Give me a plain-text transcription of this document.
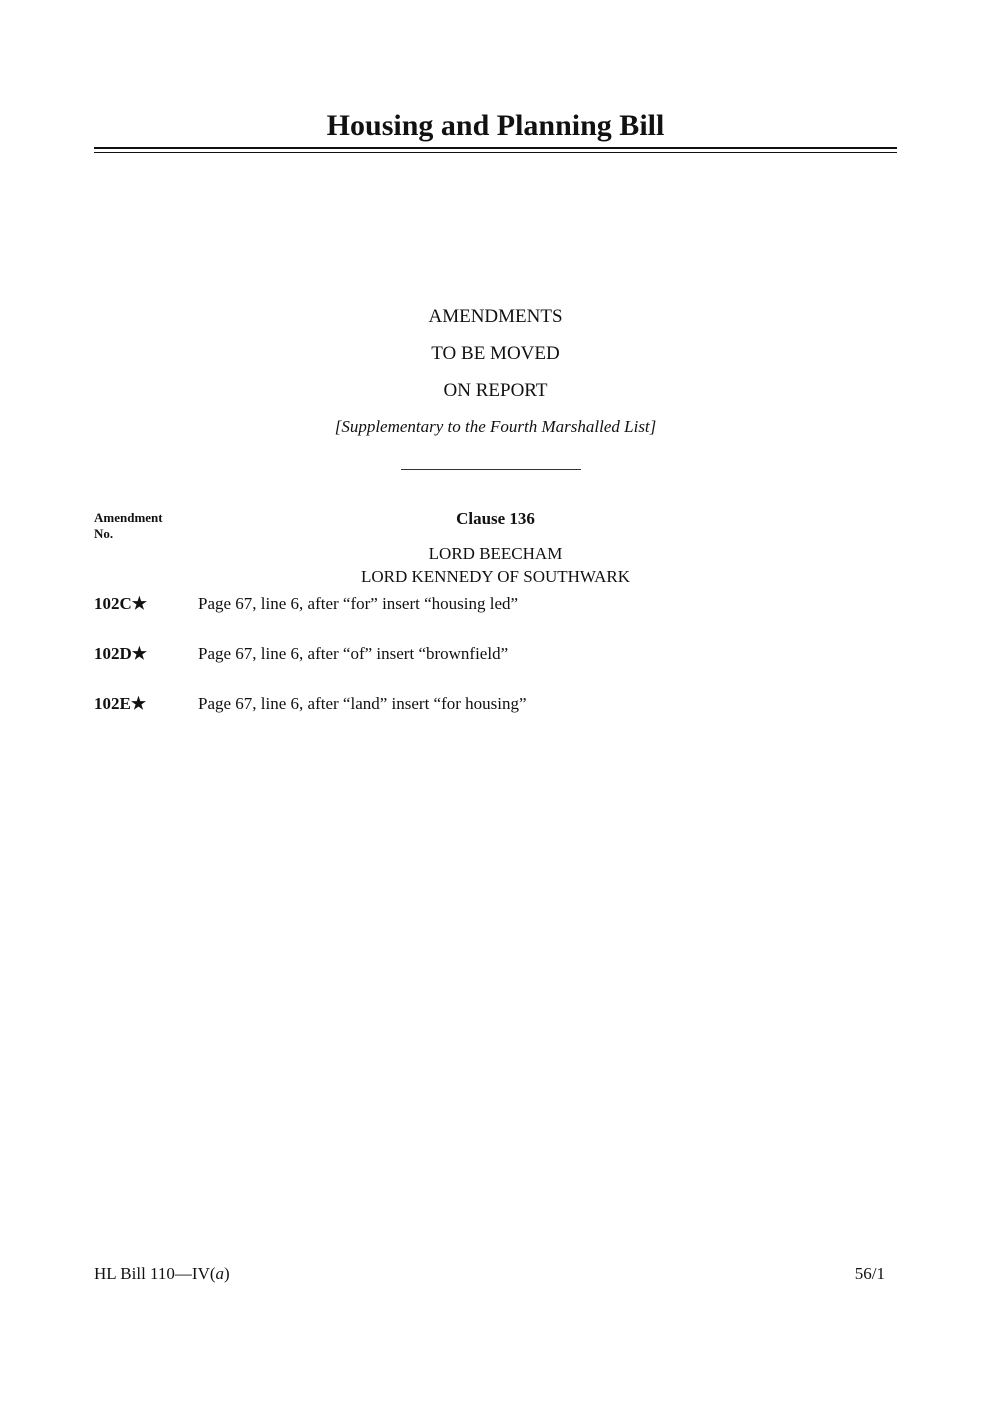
Housing and Planning Bill
AMENDMENTS
TO BE MOVED
ON REPORT
[Supplementary to the Fourth Marshalled List]
Amendment
No.
Clause 136
LORD BEECHAM
LORD KENNEDY OF SOUTHWARK
102C★	Page 67, line 6, after “for” insert “housing led”
102D★	Page 67, line 6, after “of” insert “brownfield”
102E★	Page 67, line 6, after “land” insert “for housing”
HL Bill 110—IV(a)	56/1
